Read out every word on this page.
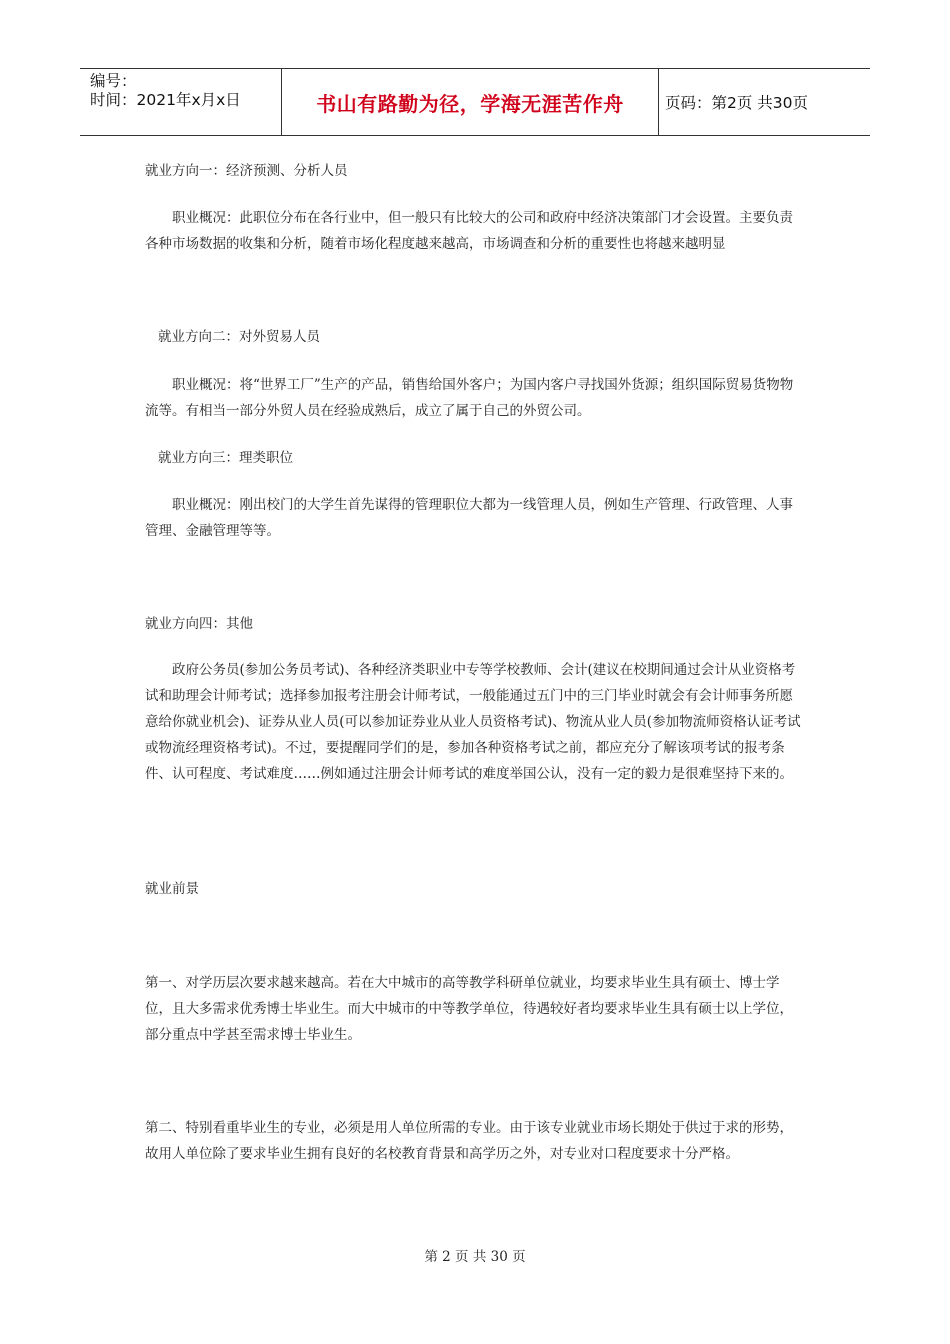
编号：
时间：2021年x月x日	书山有路勤为径，学海无涯苦作舟	页码：第2页 共30页

就业方向一：经济预测、分析人员

职业概况：此职位分布在各行业中，但一般只有比较大的公司和政府中经济决策部门才会设置。主要负责各种市场数据的收集和分析，随着市场化程度越来越高，市场调查和分析的重要性也将越来越明显

就业方向二：对外贸易人员

职业概况：将“世界工厂”生产的产品，销售给国外客户；为国内客户寻找国外货源；组织国际贸易货物物流等。有相当一部分外贸人员在经验成熟后，成立了属于自己的外贸公司。

就业方向三：理类职位

职业概况：刚出校门的大学生首先谋得的管理职位大都为一线管理人员，例如生产管理、行政管理、人事管理、金融管理等等。

就业方向四：其他

政府公务员(参加公务员考试)、各种经济类职业中专等学校教师、会计(建议在校期间通过会计从业资格考试和助理会计师考试；选择参加报考注册会计师考试，一般能通过五门中的三门毕业时就会有会计师事务所愿意给你就业机会)、证券从业人员(可以参加证券业从业人员资格考试)、物流从业人员(参加物流师资格认证考试或物流经理资格考试)。不过，要提醒同学们的是，参加各种资格考试之前，都应充分了解该项考试的报考条件、认可程度、考试难度……例如通过注册会计师考试的难度举国公认，没有一定的毅力是很难坚持下来的。

就业前景

第一、对学历层次要求越来越高。若在大中城市的高等教学科研单位就业，均要求毕业生具有硕士、博士学位，且大多需求优秀博士毕业生。而大中城市的中等教学单位，待遇较好者均要求毕业生具有硕士以上学位，部分重点中学甚至需求博士毕业生。

第二、特别看重毕业生的专业，必须是用人单位所需的专业。由于该专业就业市场长期处于供过于求的形势，故用人单位除了要求毕业生拥有良好的名校教育背景和高学历之外，对专业对口程度要求十分严格。

第 2 页 共 30 页
